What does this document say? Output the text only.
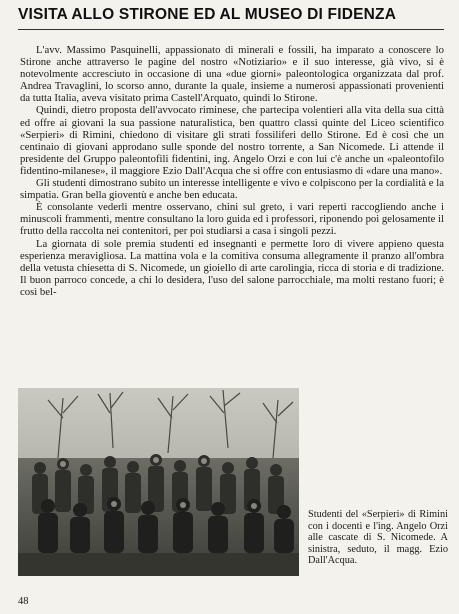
VISITA ALLO STIRONE ED AL MUSEO DI FIDENZA

L'avv. Massimo Pasquinelli, appassionato di minerali e fossili, ha imparato a conoscere lo Stirone anche attraverso le pagine del nostro «Notiziario» e il suo interesse, già vivo, si è notevolmente accresciuto in occasione di una «due giorni» paleontologica organizzata dal prof. Andrea Travaglini, lo scorso anno, durante la quale, insieme a numerosi appassionati provenienti da tutta Italia, aveva visitato prima Castell'Arquato, quindi lo Stirone.

Quindi, dietro proposta dell'avvocato riminese, che partecipa volentieri alla vita della sua città ed offre ai giovani la sua passione naturalistica, ben quattro classi quinte del Liceo scientifico «Serpieri» di Rimini, chiedono di visitare gli strati fossiliferi dello Stirone. Ed è così che un centinaio di giovani approdano sulle sponde del nostro torrente, a San Nicomede. Li attende il presidente del Gruppo paleontofili fidentini, ing. Angelo Orzi e con lui c'è anche un «paleontofilo fidentino-milanese», il maggiore Ezio Dall'Acqua che si offre con entusiasmo di «dare una mano».

Gli studenti dimostrano subito un interesse intelligente e vivo e colpiscono per la cordialità e la simpatia. Gran bella gioventù e anche ben educata.

È consolante vederli mentre osservano, chini sul greto, i vari reperti raccogliendo anche i minuscoli frammenti, mentre consultano la loro guida ed i professori, riponendo poi gelosamente il frutto della raccolta nei contenitori, per poi studiarsi a casa i singoli pezzi.

La giornata di sole premia studenti ed insegnanti e permette loro di vivere appieno questa esperienza meravigliosa. La mattina vola e la comitiva consuma allegramente il pranzo all'ombra della vetusta chiesetta di S. Nicomede, un gioiello di arte carolingia, ricca di storia e di tradizione. Il buon parroco concede, a chi lo desidera, l'uso del salone parrocchiale, ma molti restano fuori; è così bel-

Studenti del «Serpieri» di Rimini con i docenti e l'ing. Angelo Orzi alle cascate di S. Nicomede. A sinistra, seduto, il magg. Ezio Dall'Acqua.
48
